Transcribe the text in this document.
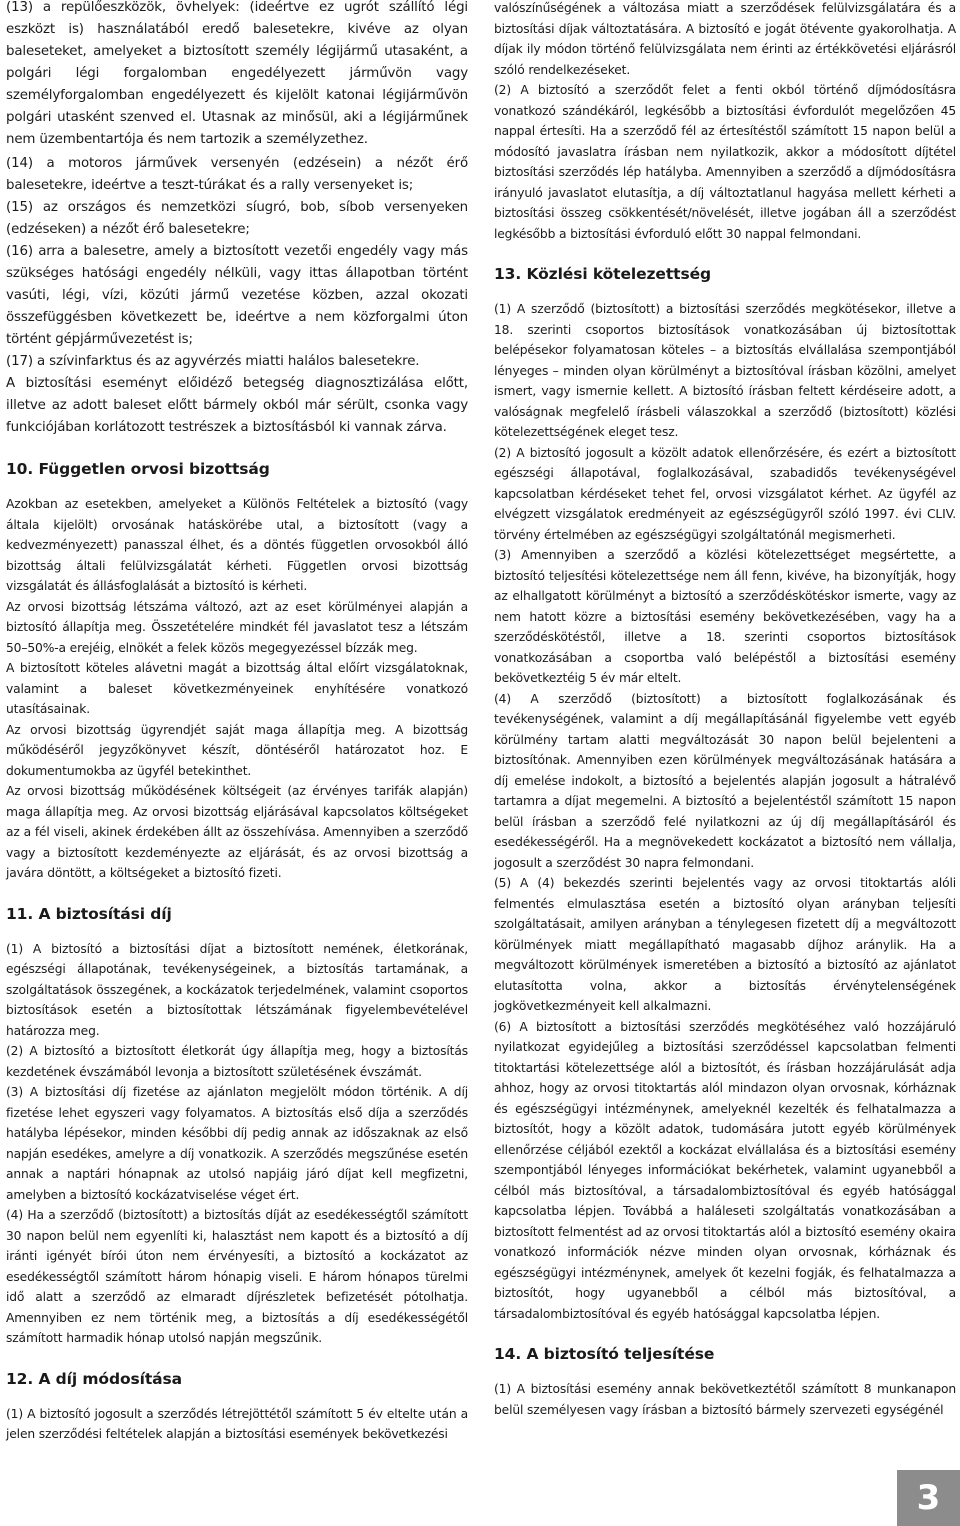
(13) a repülőeszközök, övhelyek: (ideértve ez ugrót szállító légi eszközt is) használatából eredő balesetekre, kivéve az olyan baleseteket, amelyeket a biztosított személy légijármű utasaként, a polgári légi forgalomban engedélyezett járművön vagy személyforgalomban engedélyezett és kijelölt katonai légijárművön polgári utasként szenved el. Utasnak az minősül, aki a légijárműnek nem üzembentartója és nem tartozik a személyzethez.

(14) a motoros járművek versenyén (edzésein) a nézőt érő balesetekre, ideértve a teszt-túrákat és a rally versenyeket is;

(15) az országos és nemzetközi síugró, bob, síbob versenyeken (edzéseken) a nézőt érő balesetekre;

(16) arra a balesetre, amely a biztosított vezetői engedély vagy más szükséges hatósági engedély nélküli, vagy ittas állapotban történt vasúti, légi, vízi, közúti jármű vezetése közben, azzal okozati összefüggésben következett be, ideértve a nem közforgalmi úton történt gépjárművezetést is;

(17) a szívinfarktus és az agyvérzés miatti halálos balesetekre.

A biztosítási eseményt előidéző betegség diagnosztizálása előtt, illetve az adott baleset előtt bármely okból már sérült, csonka vagy funkciójában korlátozott testrészek a biztosításból ki vannak zárva.

10. Független orvosi bizottság

Azokban az esetekben, amelyeket a Különös Feltételek a biztosító (vagy általa kijelölt) orvosának hatáskörébe utal, a biztosított (vagy a kedvezményezett) panasszal élhet, és a döntés független orvosokból álló bizottság általi felülvizsgálatát kérheti. Független orvosi bizottság vizsgálatát és állásfoglalását a biztosító is kérheti.

Az orvosi bizottság létszáma változó, azt az eset körülményei alapján a biztosító állapítja meg. Összetételére mindkét fél javaslatot tesz a létszám 50–50%-a erejéig, elnökét a felek közös megegyezéssel bízzák meg.

A biztosított köteles alávetni magát a bizottság által előírt vizsgálatoknak, valamint a baleset következményeinek enyhítésére vonatkozó utasításainak.

Az orvosi bizottság ügyrendjét saját maga állapítja meg. A bizottság működéséről jegyzőkönyvet készít, döntéséről határozatot hoz. E dokumentumokba az ügyfél betekinthet.

Az orvosi bizottság működésének költségeit (az érvényes tarifák alapján) maga állapítja meg. Az orvosi bizottság eljárásával kapcsolatos költségeket az a fél viseli, akinek érdekében állt az összehívása. Amennyiben a szerződő vagy a biztosított kezdeményezte az eljárását, és az orvosi bizottság a javára döntött, a költségeket a biztosító fizeti.

11. A biztosítási díj

(1) A biztosító a biztosítási díjat a biztosított nemének, életkorának, egészségi állapotának, tevékenységeinek, a biztosítás tartamának, a szolgáltatások összegének, a kockázatok terjedelmének, valamint csoportos biztosítások esetén a biztosítottak létszámának figyelembevételével határozza meg.

(2) A biztosító a biztosított életkorát úgy állapítja meg, hogy a biztosítás kezdetének évszámából levonja a biztosított születésének évszámát.

(3) A biztosítási díj fizetése az ajánlaton megjelölt módon történik. A díj fizetése lehet egyszeri vagy folyamatos. A biztosítás első díja a szerződés hatályba lépésekor, minden későbbi díj pedig annak az időszaknak az első napján esedékes, amelyre a díj vonatkozik. A szerződés megszűnése esetén annak a naptári hónapnak az utolsó napjáig járó díjat kell megfizetni, amelyben a biztosító kockázatviselése véget ért.

(4) Ha a szerződő (biztosított) a biztosítás díját az esedékességtől számított 30 napon belül nem egyenlíti ki, halasztást nem kapott és a biztosító a díj iránti igényét bírói úton nem érvényesíti, a biztosító a kockázatot az esedékességtől számított három hónapig viseli. E három hónapos türelmi idő alatt a szerződő az elmaradt díjrészletek befizetését pótolhatja. Amennyiben ez nem történik meg, a biztosítás a díj esedékességétől számított harmadik hónap utolsó napján megszűnik.

12. A díj módosítása

(1) A biztosító jogosult a szerződés létrejöttétől számított 5 év eltelte után a jelen szerződési feltételek alapján a biztosítási események bekövetkezési

valószínűségének a változása miatt a szerződések felülvizsgálatára és a biztosítási díjak változtatására. A biztosító e jogát ötévente gyakorolhatja. A díjak ily módon történő felülvizsgálata nem érinti az értékkövetési eljárásról szóló rendelkezéseket.

(2) A biztosító a szerződőt felet a fenti okból történő díjmódosításra vonatkozó szándékáról, legkésőbb a biztosítási évfordulót megelőzően 45 nappal értesíti. Ha a szerződő fél az értesítéstől számított 15 napon belül a módosító javaslatra írásban nem nyilatkozik, akkor a módosított díjtétel biztosítási szerződés lép hatályba. Amennyiben a szerződő a díjmódosításra irányuló javaslatot elutasítja, a díj változtatlanul hagyása mellett kérheti a biztosítási összeg csökkentését/növelését, illetve jogában áll a szerződést legkésőbb a biztosítási évforduló előtt 30 nappal felmondani.

13. Közlési kötelezettség

(1) A szerződő (biztosított) a biztosítási szerződés megkötésekor, illetve a 18. szerinti csoportos biztosítások vonatkozásában új biztosítottak belépésekor folyamatosan köteles – a biztosítás elvállalása szempontjából lényeges – minden olyan körülményt a biztosítóval írásban közölni, amelyet ismert, vagy ismernie kellett. A biztosító írásban feltett kérdéseire adott, a valóságnak megfelelő írásbeli válaszokkal a szerződő (biztosított) közlési kötelezettségének eleget tesz.

(2) A biztosító jogosult a közölt adatok ellenőrzésére, és ezért a biztosított egészségi állapotával, foglalkozásával, szabadidős tevékenységével kapcsolatban kérdéseket tehet fel, orvosi vizsgálatot kérhet. Az ügyfél az elvégzett vizsgálatok eredményeit az egészségügyről szóló 1997. évi CLIV. törvény értelmében az egészségügyi szolgáltatónál megismerheti.

(3) Amennyiben a szerződő a közlési kötelezettséget megsértette, a biztosító teljesítési kötelezettsége nem áll fenn, kivéve, ha bizonyítják, hogy az elhallgatott körülményt a biztosító a szerződéskötéskor ismerte, vagy az nem hatott közre a biztosítási esemény bekövetkezésében, vagy ha a szerződéskötéstől, illetve a 18. szerinti csoportos biztosítások vonatkozásában a csoportba való belépéstől a biztosítási esemény bekövetkeztéig 5 év már eltelt.

(4) A szerződő (biztosított) a biztosított foglalkozásának és tevékenységének, valamint a díj megállapításánál figyelembe vett egyéb körülmény tartam alatti megváltozását 30 napon belül bejelenteni a biztosítónak. Amennyiben ezen körülmények megváltozásának hatására a díj emelése indokolt, a biztosító a bejelentés alapján jogosult a hátralévő tartamra a díjat megemelni. A biztosító a bejelentéstől számított 15 napon belül írásban a szerződő felé nyilatkozni az új díj megállapításáról és esedékességéről. Ha a megnövekedett kockázatot a biztosító nem vállalja, jogosult a szerződést 30 napra felmondani.

(5) A (4) bekezdés szerinti bejelentés vagy az orvosi titoktartás alóli felmentés elmulasztása esetén a biztosító olyan arányban teljesíti szolgáltatásait, amilyen arányban a ténylegesen fizetett díj a megváltozott körülmények miatt megállapítható magasabb díjhoz aránylik. Ha a megváltozott körülmények ismeretében a biztosító a biztosító az ajánlatot elutasította volna, akkor a biztosítás érvénytelenségének jogkövetkezményeit kell alkalmazni.

(6) A biztosított a biztosítási szerződés megkötéséhez való hozzájáruló nyilatkozat egyidejűleg a biztosítási szerződéssel kapcsolatban felmenti titoktartási kötelezettsége alól a biztosítót, és írásban hozzájárulását adja ahhoz, hogy az orvosi titoktartás alól mindazon olyan orvosnak, kórháznak és egészségügyi intézménynek, amelyeknél kezelték és felhatalmazza a biztosítót, hogy a közölt adatok, tudomására jutott egyéb körülmények ellenőrzése céljából ezektől a kockázat elvállalása és a biztosítási esemény szempontjából lényeges információkat bekérhetek, valamint ugyanebből a célból más biztosítóval, a társadalombiztosítóval és egyéb hatósággal kapcsolatba lépjen. Továbbá a haláleseti szolgáltatás vonatkozásában a biztosított felmentést ad az orvosi titoktartás alól a biztosító esemény okaira vonatkozó információk nézve minden olyan orvosnak, kórháznak és egészségügyi intézménynek, amelyek őt kezelni fogják, és felhatalmazza a biztosítót, hogy ugyanebből a célból más biztosítóval, a társadalombiztosítóval és egyéb hatósággal kapcsolatba lépjen.

14. A biztosító teljesítése

(1) A biztosítási esemény annak bekövetkeztétől számított 8 munkanapon belül személyesen vagy írásban a biztosító bármely szervezeti egységénél

3
